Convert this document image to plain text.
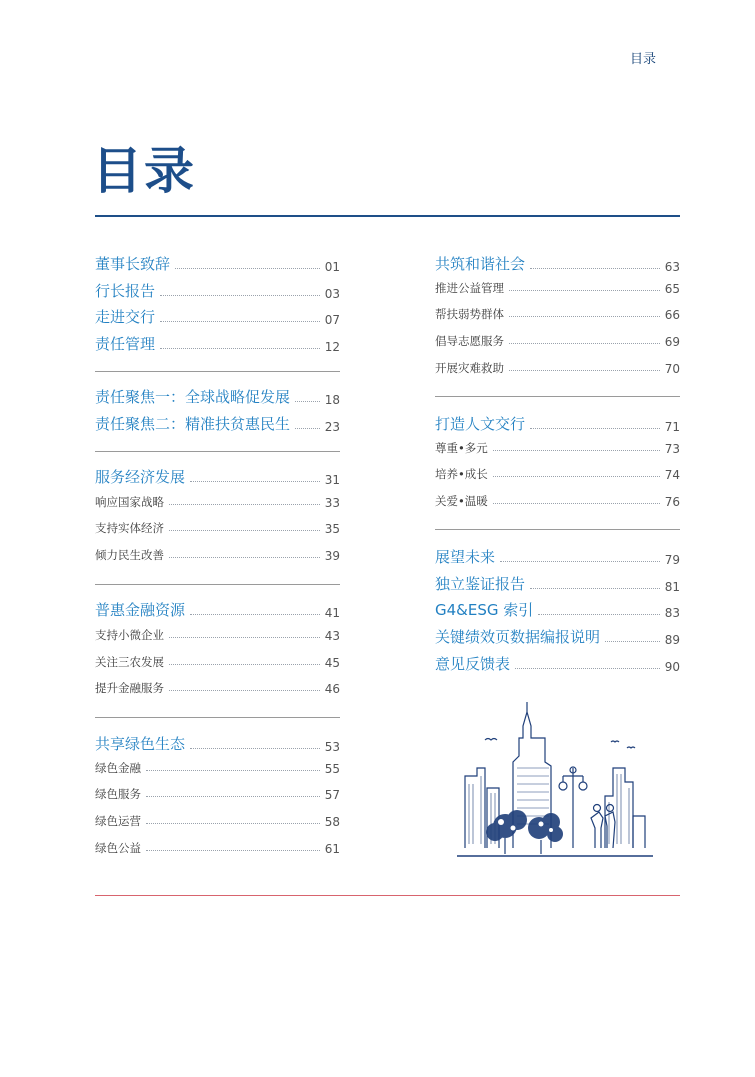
目录
目录
董事长致辞	01
行长报告	03
走进交行	07
责任管理	12
责任聚焦一：全球战略促发展	18
责任聚焦二：精准扶贫惠民生	23
服务经济发展	31
响应国家战略	33
支持实体经济	35
倾力民生改善	39
普惠金融资源	41
支持小微企业	43
关注三农发展	45
提升金融服务	46
共享绿色生态	53
绿色金融	55
绿色服务	57
绿色运营	58
绿色公益	61
共筑和谐社会	63
推进公益管理	65
帮扶弱势群体	66
倡导志愿服务	69
开展灾难救助	70
打造人文交行	71
尊重•多元	73
培养•成长	74
关爱•温暖	76
展望未来	79
独立鉴证报告	81
G4&ESG 索引	83
关键绩效页数据编报说明	89
意见反馈表	90
